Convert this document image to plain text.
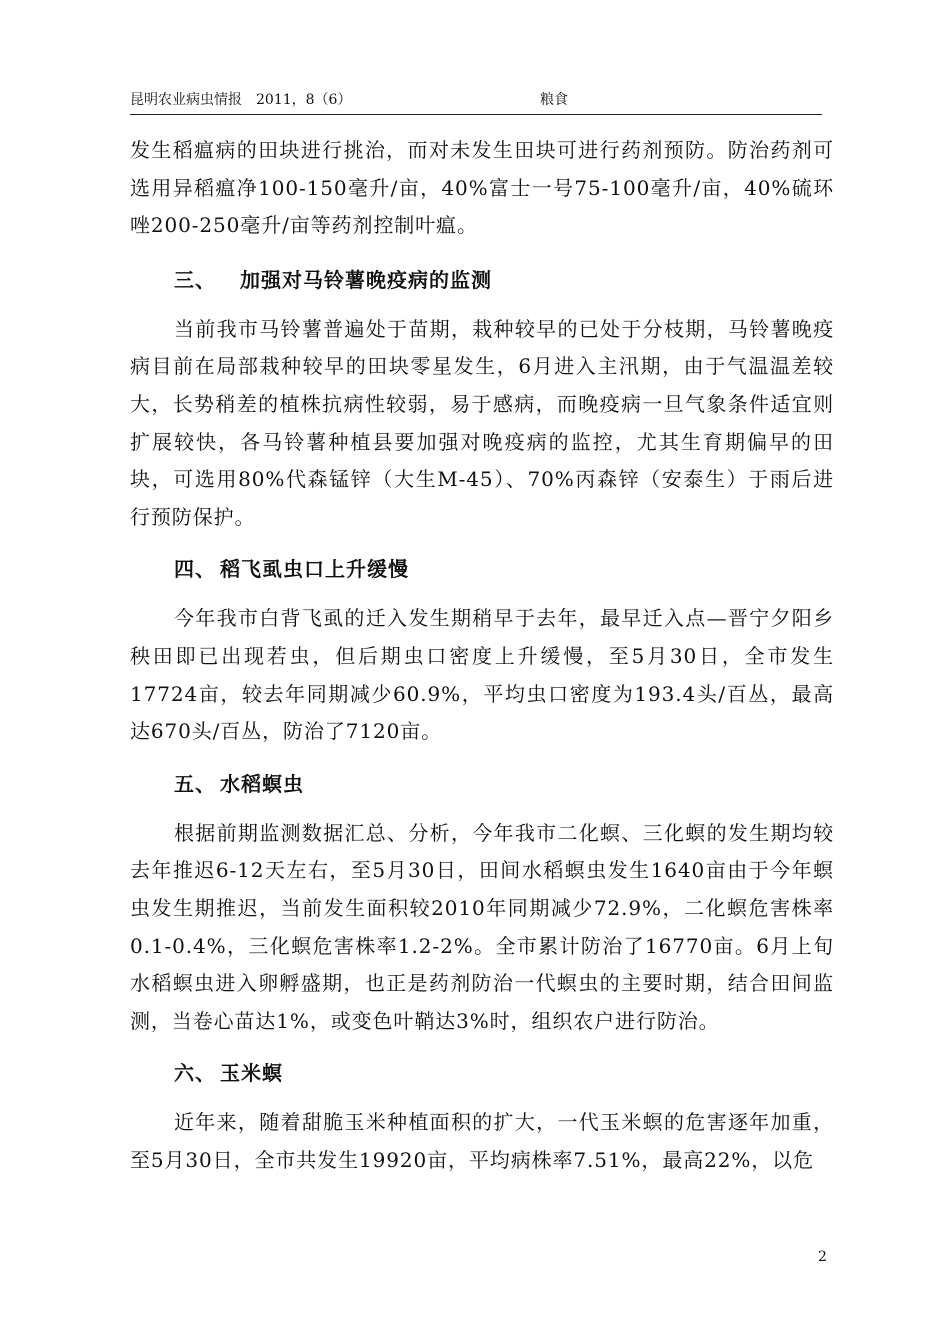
昆明农业病虫情报　2011，8（6）	粮食

发生稻瘟病的田块进行挑治，而对未发生田块可进行药剂预防。防治药剂可选用异稻瘟净100-150毫升/亩，40%富士一号75-100毫升/亩，40%硫环唑200-250毫升/亩等药剂控制叶瘟。

三、 加强对马铃薯晚疫病的监测

当前我市马铃薯普遍处于苗期，栽种较早的已处于分枝期，马铃薯晚疫病目前在局部栽种较早的田块零星发生，6月进入主汛期，由于气温温差较大，长势稍差的植株抗病性较弱，易于感病，而晚疫病一旦气象条件适宜则扩展较快，各马铃薯种植县要加强对晚疫病的监控，尤其生育期偏早的田块，可选用80%代森锰锌（大生M-45）、70%丙森锌（安泰生）于雨后进行预防保护。

四、 稻飞虱虫口上升缓慢

今年我市白背飞虱的迁入发生期稍早于去年，最早迁入点—晋宁夕阳乡秧田即已出现若虫，但后期虫口密度上升缓慢，至5月30日，全市发生17724亩，较去年同期减少60.9%，平均虫口密度为193.4头/百丛，最高达670头/百丛，防治了7120亩。

五、 水稻螟虫

根据前期监测数据汇总、分析，今年我市二化螟、三化螟的发生期均较去年推迟6-12天左右，至5月30日，田间水稻螟虫发生1640亩由于今年螟虫发生期推迟，当前发生面积较2010年同期减少72.9%，二化螟危害株率0.1-0.4%，三化螟危害株率1.2-2%。全市累计防治了16770亩。6月上旬水稻螟虫进入卵孵盛期，也正是药剂防治一代螟虫的主要时期，结合田间监测，当卷心苗达1%，或变色叶鞘达3%时，组织农户进行防治。

六、 玉米螟

近年来，随着甜脆玉米种植面积的扩大，一代玉米螟的危害逐年加重，至5月30日，全市共发生19920亩，平均病株率7.51%，最高22%，以危

2
